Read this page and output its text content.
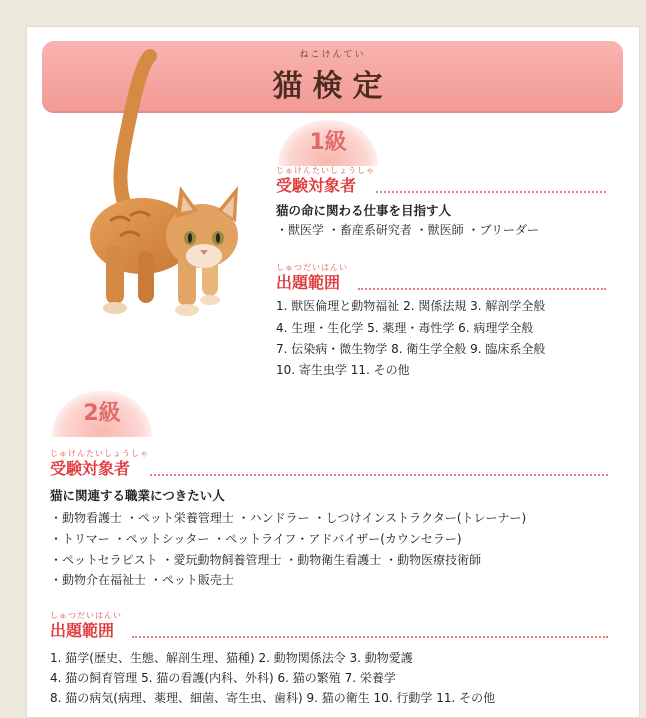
ねこけんてい
猫検定
1級
じゅけんたいしょうしゃ
受験対象者
猫の命に関わる仕事を目指す人
・獣医学 ・畜産系研究者 ・獣医師 ・ブリーダー
しゅつだいはんい
出題範囲
1. 獣医倫理と動物福祉 2. 関係法規 3. 解剖学全般
4. 生理・生化学 5. 薬理・毒性学 6. 病理学全般
7. 伝染病・微生物学 8. 衛生学全般 9. 臨床系全般
10. 寄生虫学 11. その他
2級
じゅけんたいしょうしゃ
受験対象者
猫に関連する職業につきたい人
・動物看護士 ・ペット栄養管理士 ・ハンドラー ・しつけインストラクター(トレーナー)
・トリマー ・ペットシッター ・ペットライフ・アドバイザー(カウンセラー)
・ペットセラピスト ・愛玩動物飼養管理士 ・動物衛生看護士 ・動物医療技術師
・動物介在福祉士 ・ペット販売士
しゅつだいはんい
出題範囲
1. 猫学(歴史、生態、解剖生理、猫種) 2. 動物関係法令 3. 動物愛護
4. 猫の飼育管理 5. 猫の看護(内科、外科) 6. 猫の繁殖 7. 栄養学
8. 猫の病気(病理、薬理、細菌、寄生虫、歯科) 9. 猫の衛生 10. 行動学 11. その他
